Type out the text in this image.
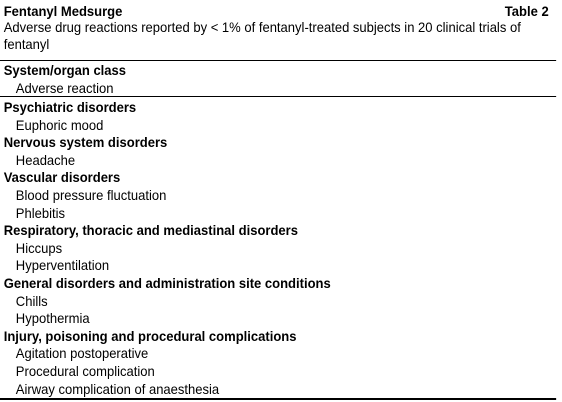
Fentanyl Medsurge	Table 2
Adverse drug reactions reported by < 1% of fentanyl-treated subjects in 20 clinical trials of fentanyl
System/organ class
Adverse reaction
Psychiatric disorders
Euphoric mood
Nervous system disorders
Headache
Vascular disorders
Blood pressure fluctuation
Phlebitis
Respiratory, thoracic and mediastinal disorders
Hiccups
Hyperventilation
General disorders and administration site conditions
Chills
Hypothermia
Injury, poisoning and procedural complications
Agitation postoperative
Procedural complication
Airway complication of anaesthesia
